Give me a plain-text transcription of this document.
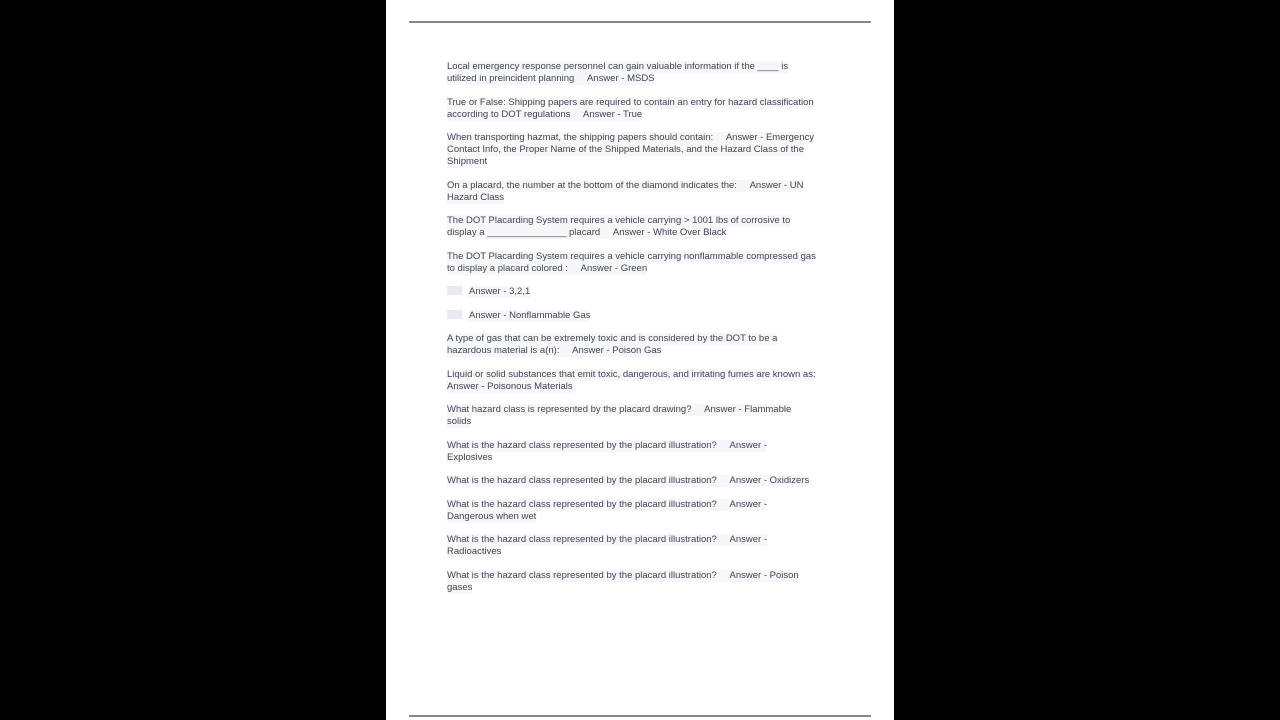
Local emergency response personnel can gain valuable information if the ____ is
utilized in preincident planning     Answer - MSDS
True or False: Shipping papers are required to contain an entry for hazard classification
according to DOT regulations     Answer - True
When transporting hazmat, the shipping papers should contain:     Answer - Emergency
Contact Info, the Proper Name of the Shipped Materials, and the Hazard Class of the
Shipment
On a placard, the number at the bottom of the diamond indicates the:     Answer - UN
Hazard Class
The DOT Placarding System requires a vehicle carrying > 1001 lbs of corrosive to
display a _______________ placard     Answer - White Over Black
The DOT Placarding System requires a vehicle carrying nonflammable compressed gas
to display a placard colored :     Answer - Green
Answer - 3,2,1
Answer - Nonflammable Gas
A type of gas that can be extremely toxic and is considered by the DOT to be a
hazardous material is a(n):     Answer - Poison Gas
Liquid or solid substances that emit toxic, dangerous, and irritating fumes are known as:
Answer - Poisonous Materials
What hazard class is represented by the placard drawing?     Answer - Flammable
solids
What is the hazard class represented by the placard illustration?     Answer -
Explosives
What is the hazard class represented by the placard illustration?     Answer - Oxidizers
What is the hazard class represented by the placard illustration?     Answer -
Dangerous when wet
What is the hazard class represented by the placard illustration?     Answer -
Radioactives
What is the hazard class represented by the placard illustration?     Answer - Poison
gases
